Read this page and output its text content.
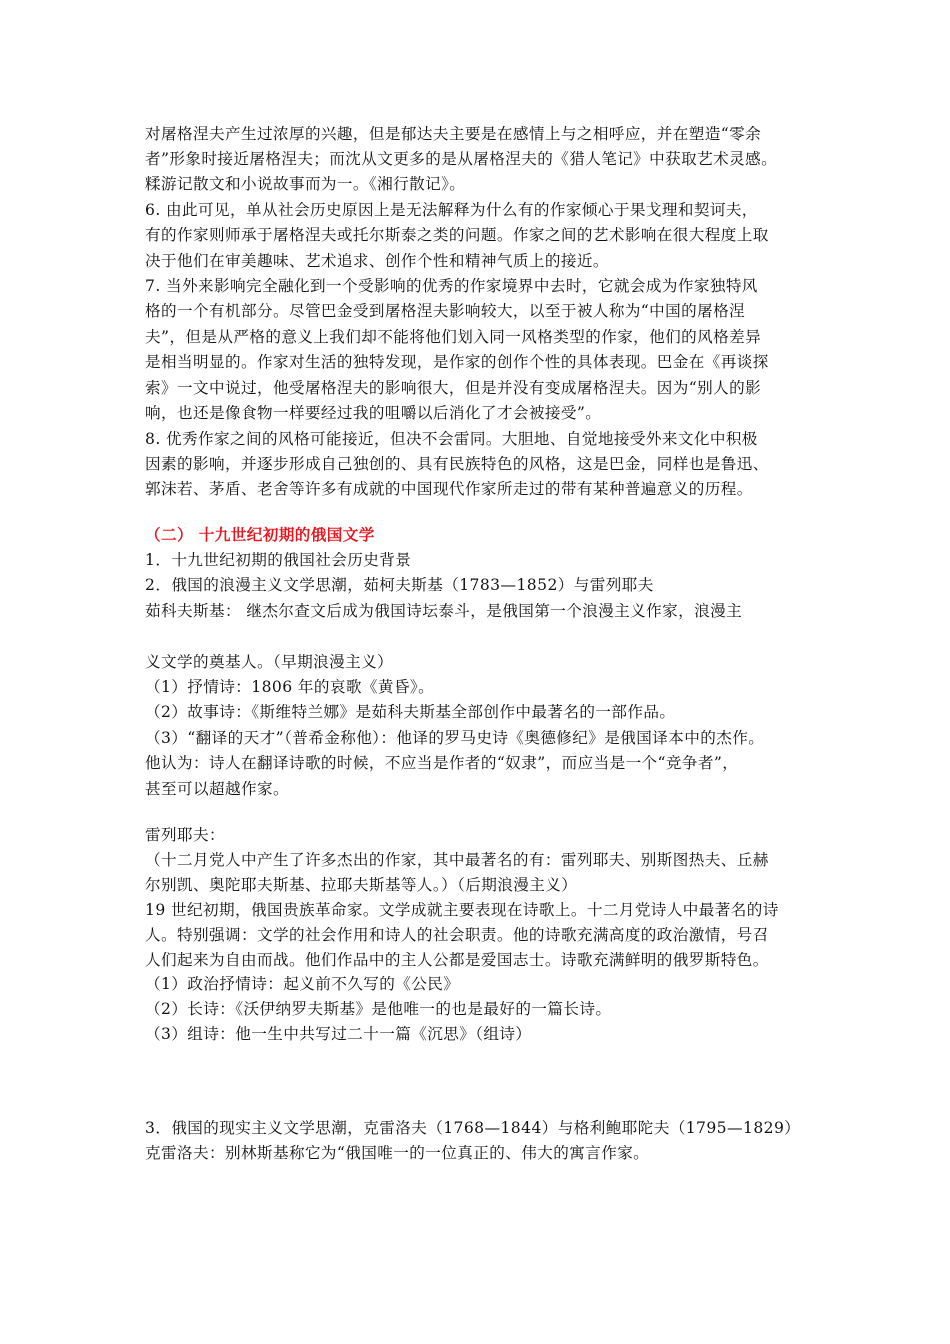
对屠格涅夫产生过浓厚的兴趣，但是郁达夫主要是在感情上与之相呼应，并在塑造“零余
者”形象时接近屠格涅夫；而沈从文更多的是从屠格涅夫的《猎人笔记》中获取艺术灵感。
糅游记散文和小说故事而为一。《湘行散记》。
6. 由此可见，单从社会历史原因上是无法解释为什么有的作家倾心于果戈理和契诃夫，
有的作家则师承于屠格涅夫或托尔斯泰之类的问题。作家之间的艺术影响在很大程度上取
决于他们在审美趣味、艺术追求、创作个性和精神气质上的接近。
7. 当外来影响完全融化到一个受影响的优秀的作家境界中去时，它就会成为作家独特风
格的一个有机部分。尽管巴金受到屠格涅夫影响较大，以至于被人称为“中国的屠格涅
夫”，但是从严格的意义上我们却不能将他们划入同一风格类型的作家，他们的风格差异
是相当明显的。作家对生活的独特发现，是作家的创作个性的具体表现。巴金在《再谈探
索》一文中说过，他受屠格涅夫的影响很大，但是并没有变成屠格涅夫。因为“别人的影
响，也还是像食物一样要经过我的咀嚼以后消化了才会被接受”。
8. 优秀作家之间的风格可能接近，但决不会雷同。大胆地、自觉地接受外来文化中积极
因素的影响，并逐步形成自己独创的、具有民族特色的风格，这是巴金，同样也是鲁迅、
郭沫若、茅盾、老舍等许多有成就的中国现代作家所走过的带有某种普遍意义的历程。
（二） 十九世纪初期的俄国文学
1．十九世纪初期的俄国社会历史背景
2．俄国的浪漫主义文学思潮，茹柯夫斯基（1783—1852）与雷列耶夫
茹科夫斯基： 继杰尔查文后成为俄国诗坛泰斗，是俄国第一个浪漫主义作家，浪漫主
义文学的奠基人。（早期浪漫主义）
（1）抒情诗：1806 年的哀歌《黄昏》。
（2）故事诗：《斯维特兰娜》是茹科夫斯基全部创作中最著名的一部作品。
（3）“翻译的天才”（普希金称他）：他译的罗马史诗《奥德修纪》是俄国译本中的杰作。
他认为：诗人在翻译诗歌的时候，不应当是作者的“奴隶”，而应当是一个“竞争者”，
甚至可以超越作家。
雷列耶夫：
（十二月党人中产生了许多杰出的作家，其中最著名的有：雷列耶夫、别斯图热夫、丘赫
尔别凯、奥陀耶夫斯基、拉耶夫斯基等人。）（后期浪漫主义）
19 世纪初期，俄国贵族革命家。文学成就主要表现在诗歌上。十二月党诗人中最著名的诗
人。特别强调：文学的社会作用和诗人的社会职责。他的诗歌充满高度的政治激情，号召
人们起来为自由而战。他们作品中的主人公都是爱国志士。诗歌充满鲜明的俄罗斯特色。
（1）政治抒情诗：起义前不久写的《公民》
（2）长诗：《沃伊纳罗夫斯基》是他唯一的也是最好的一篇长诗。
（3）组诗：他一生中共写过二十一篇《沉思》（组诗）
3．俄国的现实主义文学思潮，克雷洛夫（1768—1844）与格利鲍耶陀夫（1795—1829）
克雷洛夫：别林斯基称它为“俄国唯一的一位真正的、伟大的寓言作家。
